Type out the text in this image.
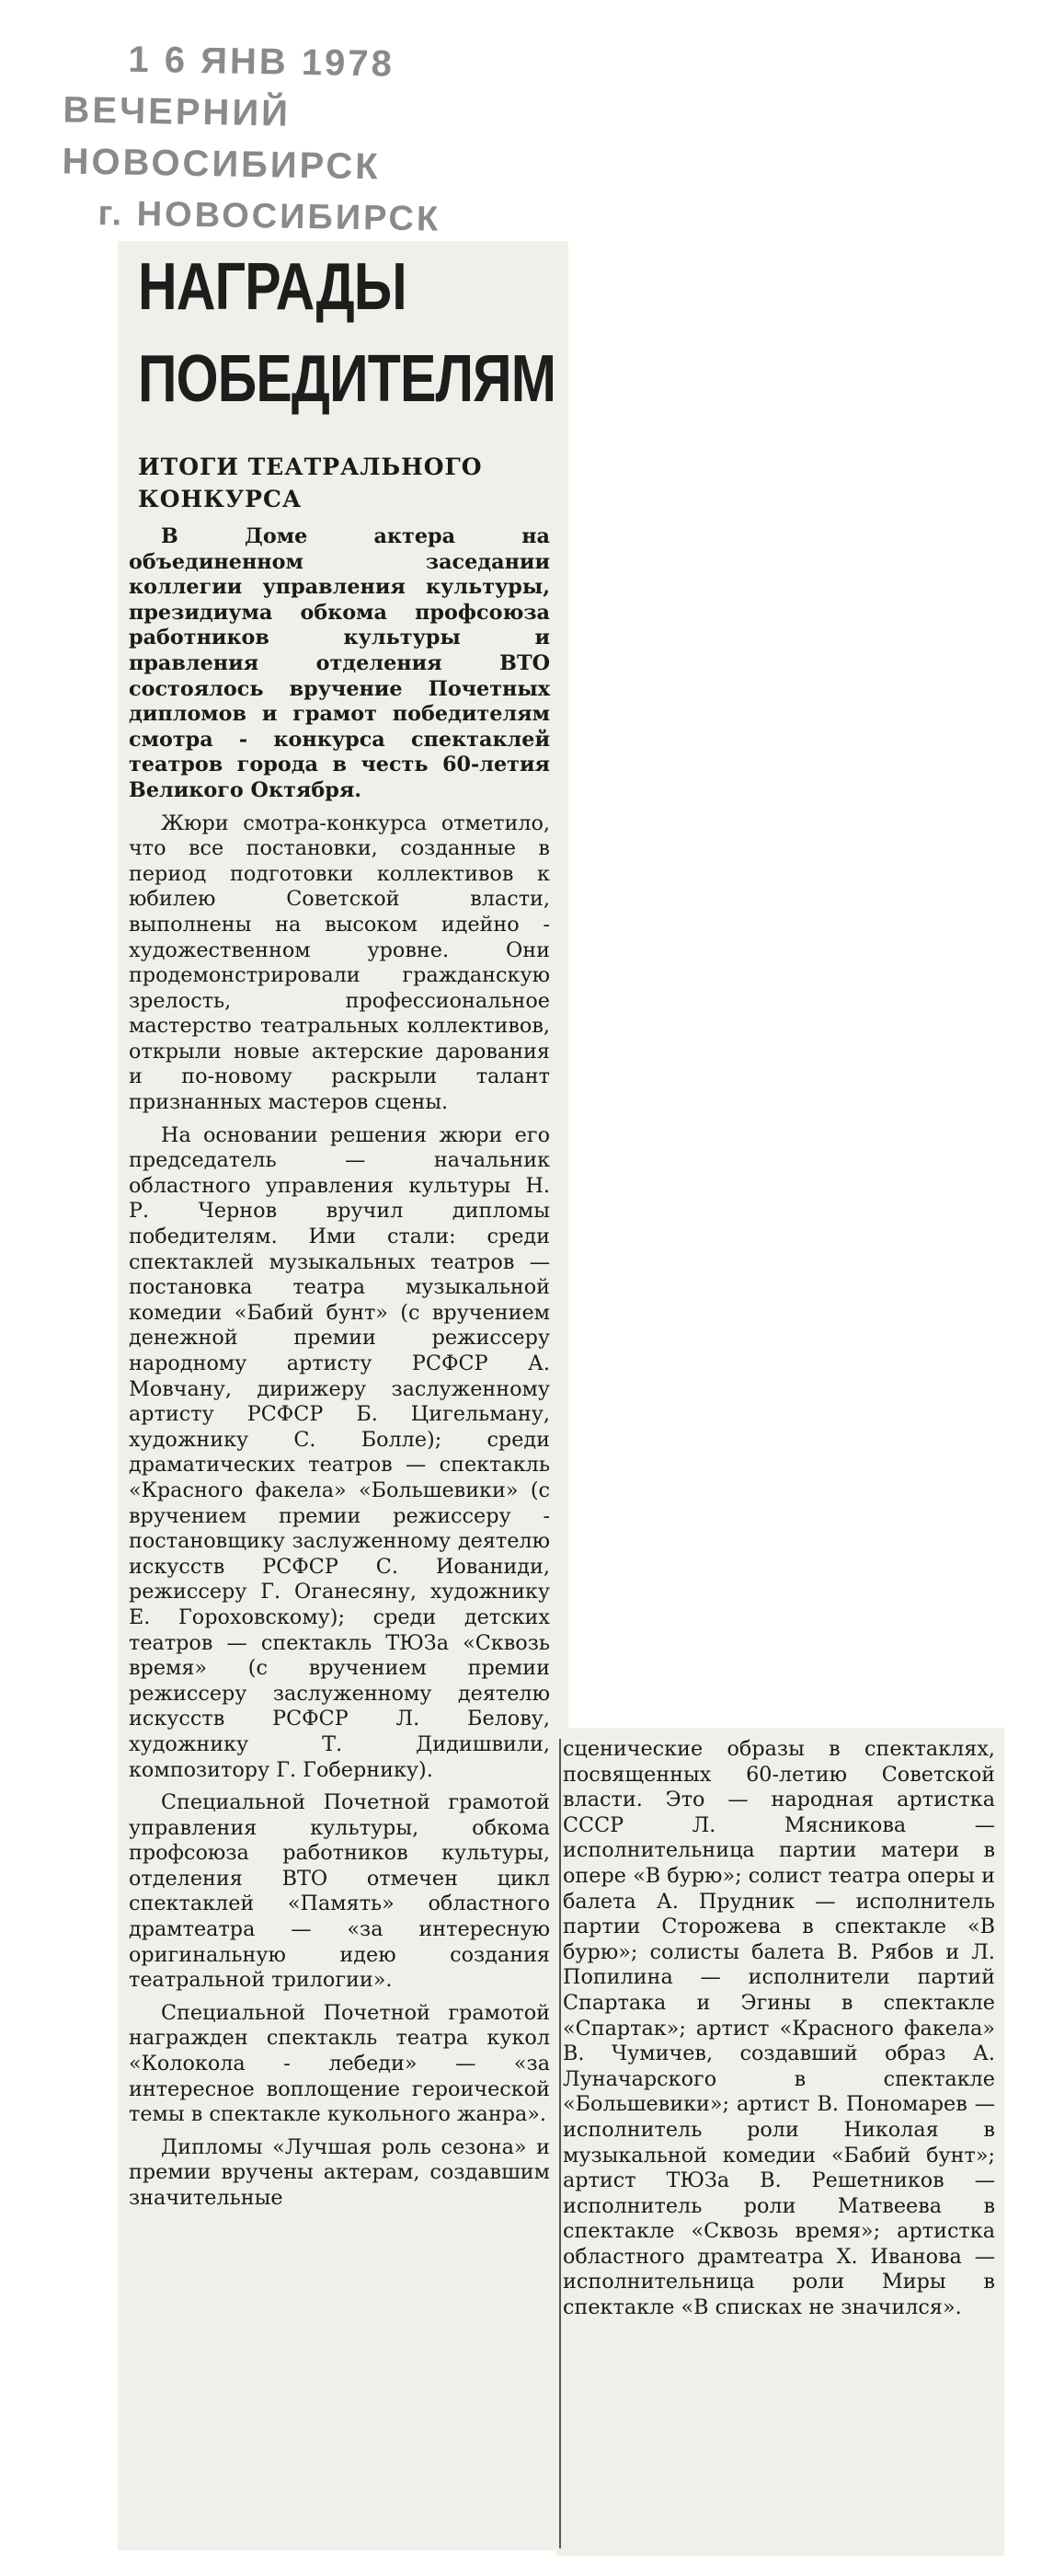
1 6 ЯНВ 1978
ВЕЧЕРНИЙ НОВОСИБИРСК
г. НОВОСИБИРСК
НАГРАДЫ
ПОБЕДИТЕЛЯМ
ИТОГИ ТЕАТРАЛЬНОГО КОНКУРСА

В Доме актера на объединенном заседании коллегии управления культуры, президиума обкома профсоюза работников культуры и правления отделения ВТО состоялось вручение Почетных дипломов и грамот победителям смотра - конкурса спектаклей театров города в честь 60-летия Великого Октября.

Жюри смотра-конкурса отметило, что все постановки, созданные в период подготовки коллективов к юбилею Советской власти, выполнены на высоком идейно - художественном уровне. Они продемонстрировали гражданскую зрелость, профессиональное мастерство театральных коллективов, открыли новые актерские дарования и по-новому раскрыли талант признанных мастеров сцены.

На основании решения жюри его председатель — начальник областного управления культуры Н. Р. Чернов вручил дипломы победителям. Ими стали: среди спектаклей музыкальных театров — постановка театра музыкальной комедии «Бабий бунт» (с вручением денежной премии режиссеру народному артисту РСФСР А. Мовчану, дирижеру заслуженному артисту РСФСР Б. Цигельману, художнику С. Болле); среди драматических театров — спектакль «Красного факела» «Большевики» (с вручением премии режиссеру - постановщику заслуженному деятелю искусств РСФСР С. Иованиди, режиссеру Г. Оганесяну, художнику Е. Гороховскому); среди детских театров — спектакль ТЮЗа «Сквозь время» (с вручением премии режиссеру заслуженному деятелю искусств РСФСР Л. Белову, художнику Т. Дидишвили, композитору Г. Гобернику).

Специальной Почетной грамотой управления культуры, обкома профсоюза работников культуры, отделения ВТО отмечен цикл спектаклей «Память» областного драмтеатра — «за интересную оригинальную идею создания театральной трилогии».

Специальной Почетной грамотой награжден спектакль театра кукол «Колокола - лебеди» — «за интересное воплощение героической темы в спектакле кукольного жанра».

Дипломы «Лучшая роль сезона» и премии вручены актерам, создавшим значительные

сценические образы в спектаклях, посвященных 60-летию Советской власти. Это — народная артистка СССР Л. Мясникова — исполнительница партии матери в опере «В бурю»; солист театра оперы и балета А. Прудник — исполнитель партии Сторожева в спектакле «В бурю»; солисты балета В. Рябов и Л. Попилина — исполнители партий Спартака и Эгины в спектакле «Спартак»; артист «Красного факела» В. Чумичев, создавший образ А. Луначарского в спектакле «Большевики»; артист В. Пономарев — исполнитель роли Николая в музыкальной комедии «Бабий бунт»; артист ТЮЗа В. Решетников — исполнитель роли Матвеева в спектакле «Сквозь время»; артистка областного драмтеатра Х. Иванова — исполнительница роли Миры в спектакле «В списках не значился».
